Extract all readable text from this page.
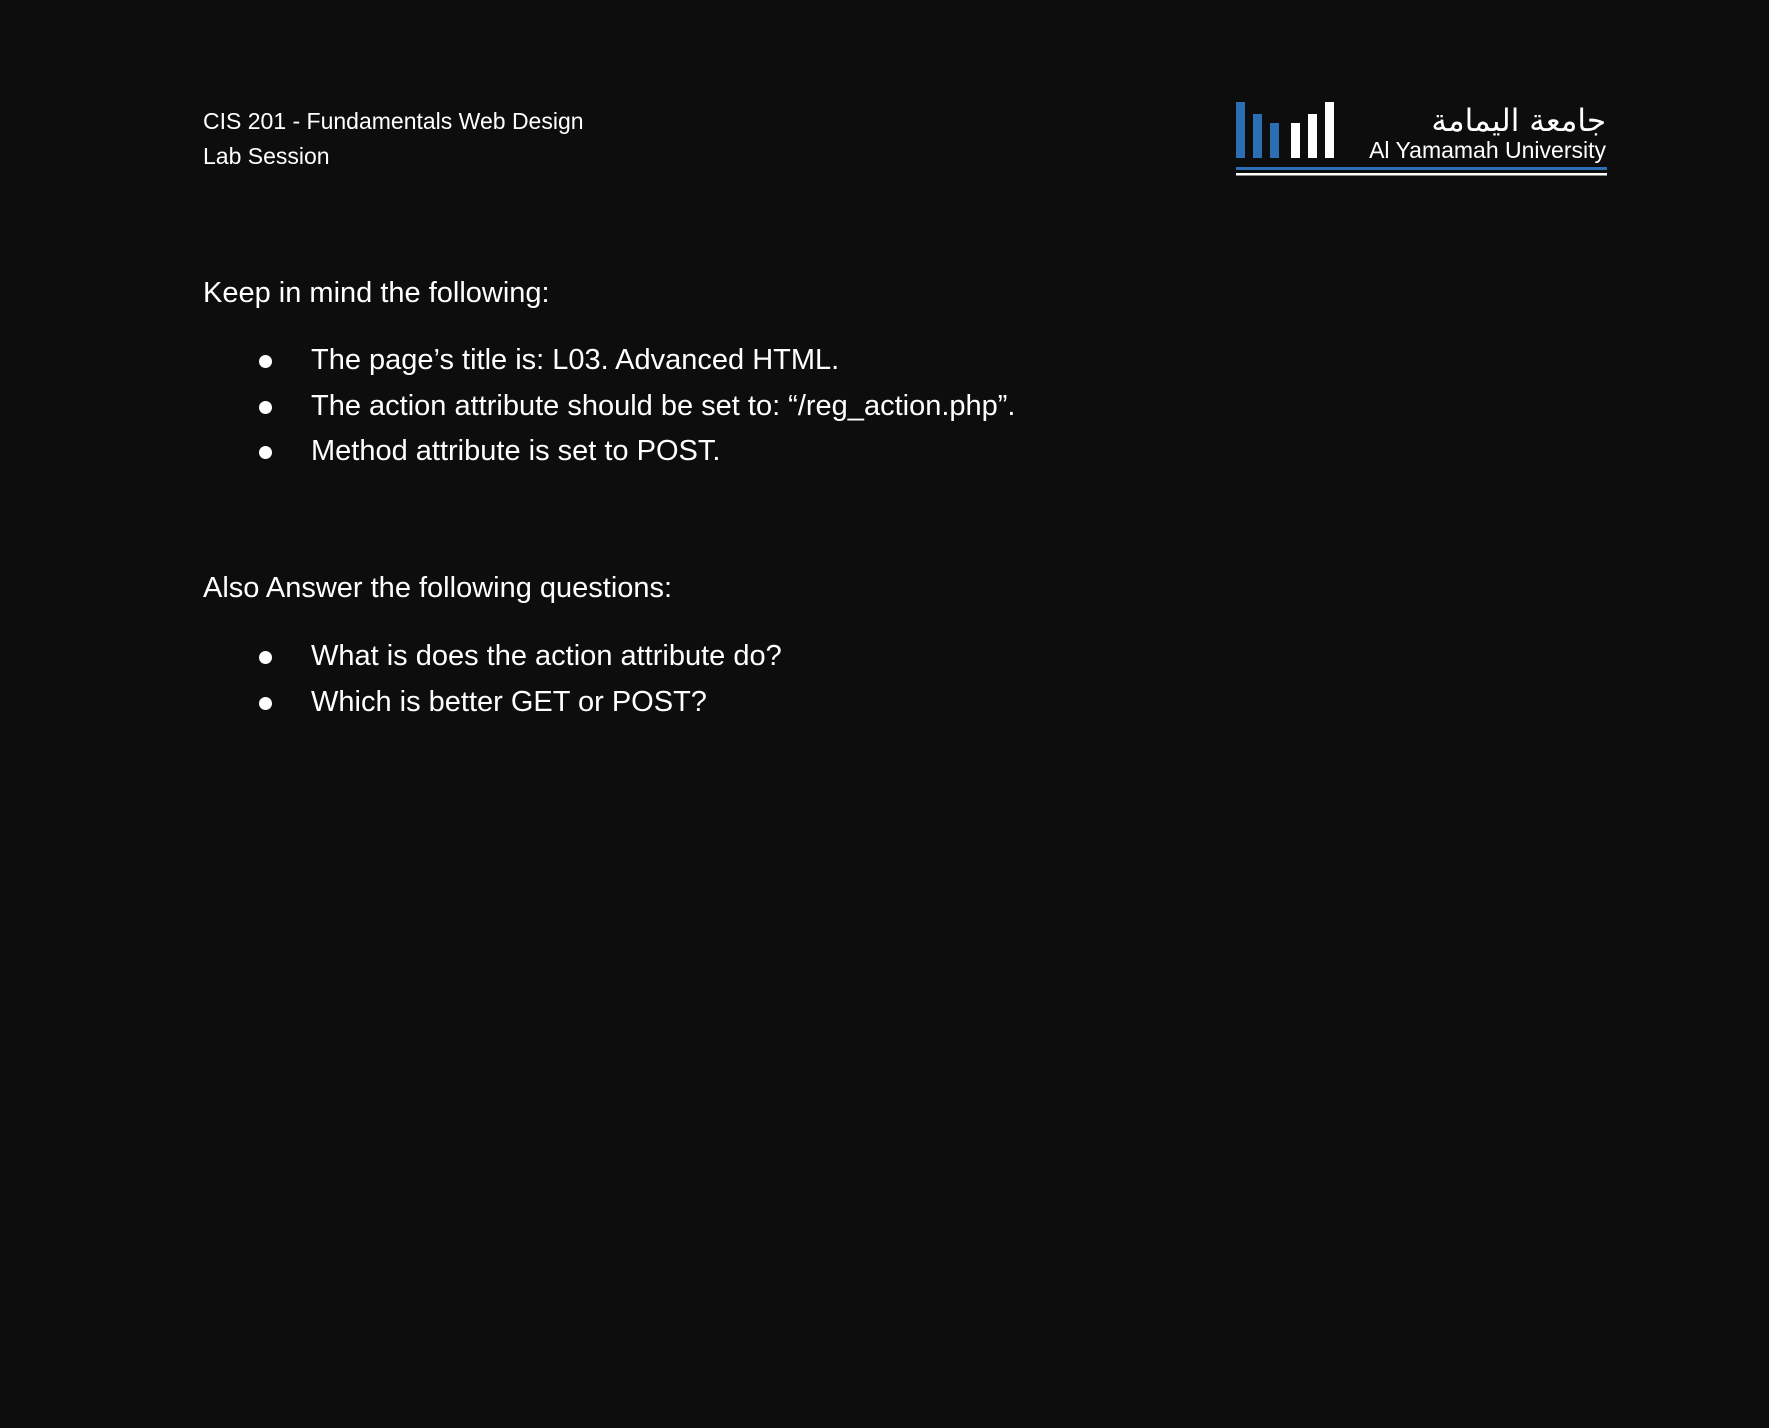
CIS 201 - Fundamentals Web Design
Lab Session
جامعة اليمامة
Al Yamamah University

Keep in mind the following:

The page’s title is: L03. Advanced HTML.
The action attribute should be set to: “/reg_action.php”.
Method attribute is set to POST.

Also Answer the following questions:

What is does the action attribute do?
Which is better GET or POST?
